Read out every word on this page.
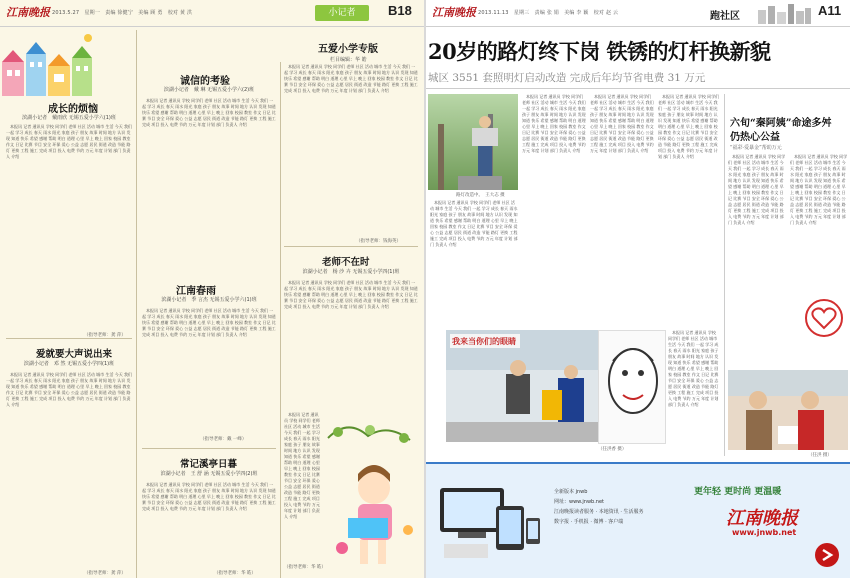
江南晚报 2013.5.27　星期一　责编 徐健宁　美编 顾 勇　校对 黄 洪	小记者	B18
五爱小学专版
栏目编辑：华 皓
成长的烦恼
滨湖小记者　戴雨欣 无锡五爱小学六(1)班
　本报讯 记者 通讯员 学校 同学们 老师 社区 活动 城市 生活 今天 我们 一起 学习 成长 春天 雨水 阳光 家庭 孩子 朋友 故事 时间 地方 认识 发现 知道 快乐 希望 感谢 帮助 明白 道理 心里 早上 晚上 回家 校园 教室 作文 日记 比赛 节目 安全 环保 爱心 公益 志愿 居民 街道 改造 节能 路灯 更换 工程 施工 完成 项目 投入 电费 节约 万元 年度 计划 部门 负责人 介绍
（指导老师：龚 萍）
爱就要大声说出来
滨湖小记者　邓 然 无锡五爱小学四(1)班
　本报讯 记者 通讯员 学校 同学们 老师 社区 活动 城市 生活 今天 我们 一起 学习 成长 春天 雨水 阳光 家庭 孩子 朋友 故事 时间 地方 认识 发现 知道 快乐 希望 感谢 帮助 明白 道理 心里 早上 晚上 回家 校园 教室 作文 日记 比赛 节目 安全 环保 爱心 公益 志愿 居民 街道 改造 节能 路灯 更换 工程 施工 完成 项目 投入 电费 节约 万元 年度 计划 部门 负责人 介绍
（指导老师：龚 萍）
诚信的考验
滨湖小记者　戴 琳 无锡五爱小学六(2)班
　本报讯 记者 通讯员 学校 同学们 老师 社区 活动 城市 生活 今天 我们 一起 学习 成长 春天 雨水 阳光 家庭 孩子 朋友 故事 时间 地方 认识 发现 知道 快乐 希望 感谢 帮助 明白 道理 心里 早上 晚上 回家 校园 教室 作文 日记 比赛 节目 安全 环保 爱心 公益 志愿 居民 街道 改造 节能 路灯 更换 工程 施工 完成 项目 投入 电费 节约 万元 年度 计划 部门 负责人 介绍
　本报讯 记者 通讯员 学校 同学们 老师 社区 活动 城市 生活 今天 我们 一起 学习 成长 春天 雨水 阳光 家庭 孩子 朋友 故事 时间 地方 认识 发现 知道 快乐 希望 感谢 帮助 明白 道理 心里 早上 晚上 回家 校园 教室 作文 日记 比赛 节目 安全 环保 爱心 公益 志愿 居民 街道 改造 节能 路灯 更换 工程 施工 完成 项目 投入 电费 节约 万元 年度 计划 部门 负责人 介绍
（指导老师：钱海英）
江南春雨
滨湖小记者　季 言杰 无锡五爱小学六(1)班
　本报讯 记者 通讯员 学校 同学们 老师 社区 活动 城市 生活 今天 我们 一起 学习 成长 春天 雨水 阳光 家庭 孩子 朋友 故事 时间 地方 认识 发现 知道 快乐 希望 感谢 帮助 明白 道理 心里 早上 晚上 回家 校园 教室 作文 日记 比赛 节目 安全 环保 爱心 公益 志愿 居民 街道 改造 节能 路灯 更换 工程 施工 完成 项目 投入 电费 节约 万元 年度 计划 部门 负责人 介绍
（指导老师：戴 一峰）
常记溪亭日暮
滨湖小记者　王 舒 涵 无锡五爱小学四(2)班
　本报讯 记者 通讯员 学校 同学们 老师 社区 活动 城市 生活 今天 我们 一起 学习 成长 春天 雨水 阳光 家庭 孩子 朋友 故事 时间 地方 认识 发现 知道 快乐 希望 感谢 帮助 明白 道理 心里 早上 晚上 回家 校园 教室 作文 日记 比赛 节目 安全 环保 爱心 公益 志愿 居民 街道 改造 节能 路灯 更换 工程 施工 完成 项目 投入 电费 节约 万元 年度 计划 部门 负责人 介绍
（指导老师：华 皓）
老师不在时
滨湖小记者　杨 沙 卉 无锡五爱小学四(1)班
　本报讯 记者 通讯员 学校 同学们 老师 社区 活动 城市 生活 今天 我们 一起 学习 成长 春天 雨水 阳光 家庭 孩子 朋友 故事 时间 地方 认识 发现 知道 快乐 希望 感谢 帮助 明白 道理 心里 早上 晚上 回家 校园 教室 作文 日记 比赛 节目 安全 环保 爱心 公益 志愿 居民 街道 改造 节能 路灯 更换 工程 施工 完成 项目 投入 电费 节约 万元 年度 计划 部门 负责人 介绍
　本报讯 记者 通讯员 学校 同学们 老师 社区 活动 城市 生活 今天 我们 一起 学习 成长 春天 雨水 阳光 家庭 孩子 朋友 故事 时间 地方 认识 发现 知道 快乐 希望 感谢 帮助 明白 道理 心里 早上 晚上 回家 校园 教室 作文 日记 比赛 节目 安全 环保 爱心 公益 志愿 居民 街道 改造 节能 路灯 更换 工程 施工 完成 项目 投入 电费 节约 万元 年度 计划 部门 负责人 介绍
（指导老师：华 皓）
江南晚报 2013.11.13　星期三　责编 张 娟　美编 李 颖　校对 赵 云	跑社区	A11
20岁的路灯终下岗 铁锈的灯杆换新貌
城区 3551 套照明灯启动改造 完成后年均节省电费 31 万元
路灯改造中。　王大志 摄
　本报讯 记者 通讯员 学校 同学们 老师 社区 活动 城市 生活 今天 我们 一起 学习 成长 春天 雨水 阳光 家庭 孩子 朋友 故事 时间 地方 认识 发现 知道 快乐 希望 感谢 帮助 明白 道理 心里 早上 晚上 回家 校园 教室 作文 日记 比赛 节目 安全 环保 爱心 公益 志愿 居民 街道 改造 节能 路灯 更换 工程 施工 完成 项目 投入 电费 节约 万元 年度 计划 部门 负责人 介绍
　本报讯 记者 通讯员 学校 同学们 老师 社区 活动 城市 生活 今天 我们 一起 学习 成长 春天 雨水 阳光 家庭 孩子 朋友 故事 时间 地方 认识 发现 知道 快乐 希望 感谢 帮助 明白 道理 心里 早上 晚上 回家 校园 教室 作文 日记 比赛 节目 安全 环保 爱心 公益 志愿 居民 街道 改造 节能 路灯 更换 工程 施工 完成 项目 投入 电费 节约 万元 年度 计划 部门 负责人 介绍
　本报讯 记者 通讯员 学校 同学们 老师 社区 活动 城市 生活 今天 我们 一起 学习 成长 春天 雨水 阳光 家庭 孩子 朋友 故事 时间 地方 认识 发现 知道 快乐 希望 感谢 帮助 明白 道理 心里 早上 晚上 回家 校园 教室 作文 日记 比赛 节目 安全 环保 爱心 公益 志愿 居民 街道 改造 节能 路灯 更换 工程 施工 完成 项目 投入 电费 节约 万元 年度 计划 部门 负责人 介绍
　本报讯 记者 通讯员 学校 同学们 老师 社区 活动 城市 生活 今天 我们 一起 学习 成长 春天 雨水 阳光 家庭 孩子 朋友 故事 时间 地方 认识 发现 知道 快乐 希望 感谢 帮助 明白 道理 心里 早上 晚上 回家 校园 教室 作文 日记 比赛 节目 安全 环保 爱心 公益 志愿 居民 街道 改造 节能 路灯 更换 工程 施工 完成 项目 投入 电费 节约 万元 年度 计划 部门 负责人 介绍
六旬“秦阿姨”命途多舛
仍热心公益
“福彩·爱暴金”帮助万元
　本报讯 记者 通讯员 学校 同学们 老师 社区 活动 城市 生活 今天 我们 一起 学习 成长 春天 雨水 阳光 家庭 孩子 朋友 故事 时间 地方 认识 发现 知道 快乐 希望 感谢 帮助 明白 道理 心里 早上 晚上 回家 校园 教室 作文 日记 比赛 节目 安全 环保 爱心 公益 志愿 居民 街道 改造 节能 路灯 更换 工程 施工 完成 项目 投入 电费 节约 万元 年度 计划 部门 负责人 介绍
　本报讯 记者 通讯员 学校 同学们 老师 社区 活动 城市 生活 今天 我们 一起 学习 成长 春天 雨水 阳光 家庭 孩子 朋友 故事 时间 地方 认识 发现 知道 快乐 希望 感谢 帮助 明白 道理 心里 早上 晚上 回家 校园 教室 作文 日记 比赛 节目 安全 环保 爱心 公益 志愿 居民 街道 改造 节能 路灯 更换 工程 施工 完成 项目 投入 电费 节约 万元 年度 计划 部门 负责人 介绍
我来当你们的眼睛
（任洪香 摄）
　本报讯 记者 通讯员 学校 同学们 老师 社区 活动 城市 生活 今天 我们 一起 学习 成长 春天 雨水 阳光 家庭 孩子 朋友 故事 时间 地方 认识 发现 知道 快乐 希望 感谢 帮助 明白 道理 心里 早上 晚上 回家 校园 教室 作文 日记 比赛 节目 安全 环保 爱心 公益 志愿 居民 街道 改造 节能 路灯 更换 工程 施工 完成 项目 投入 电费 节约 万元 年度 计划 部门 负责人 介绍
（任洪 摄）
全新版本 jnwb
网址：www.jnwb.net
江南晚报读者服务 · 本地资讯 · 生活服务
数字报 · 手机报 · 微博 · 客户端
更年轻 更时尚 更温暖
江南晚报
www.jnwb.net
